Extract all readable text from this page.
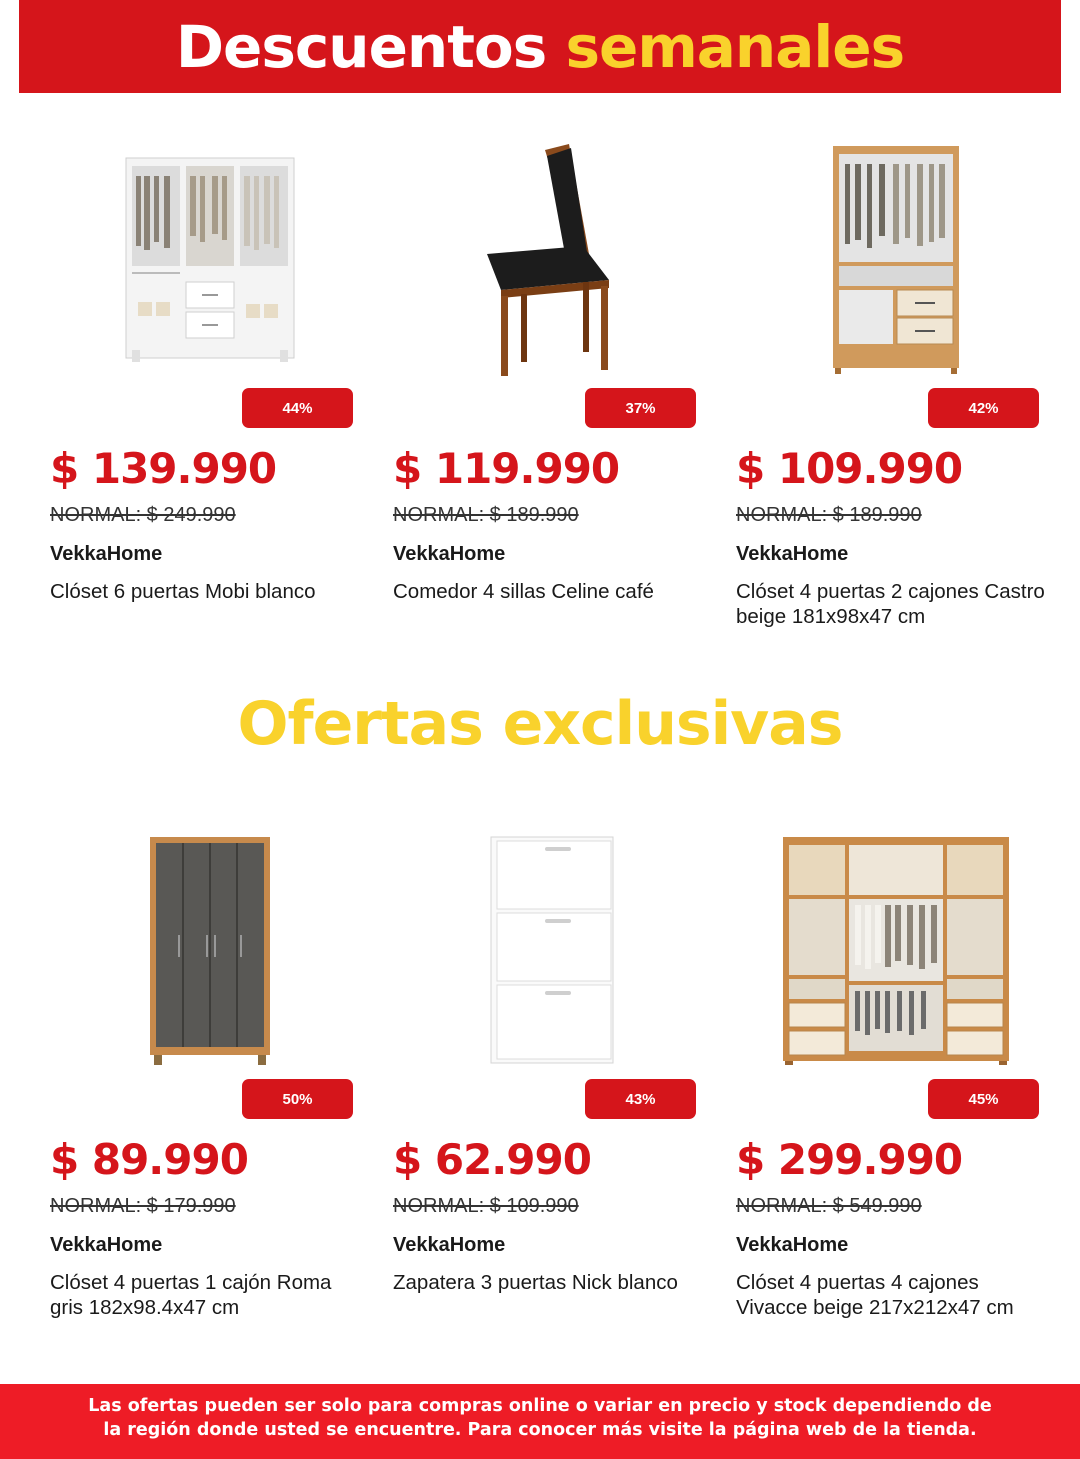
Descuentos semanales
44%
$ 139.990
NORMAL: $ 249.990
VekkaHome
Clóset 6 puertas Mobi blanco
37%
$ 119.990
NORMAL: $ 189.990
VekkaHome
Comedor 4 sillas Celine café
42%
$ 109.990
NORMAL: $ 189.990
VekkaHome
Clóset 4 puertas 2 cajones Castro beige 181x98x47 cm
Ofertas exclusivas
50%
$ 89.990
NORMAL: $ 179.990
VekkaHome
Clóset 4 puertas 1 cajón Roma gris 182x98.4x47 cm
43%
$ 62.990
NORMAL: $ 109.990
VekkaHome
Zapatera 3 puertas Nick blanco
45%
$ 299.990
NORMAL: $ 549.990
VekkaHome
Clóset 4 puertas 4 cajones Vivacce beige 217x212x47 cm
Las ofertas pueden ser solo para compras online o variar en precio y stock dependiendo de
la región donde usted se encuentre. Para conocer más visite la página web de la tienda.
